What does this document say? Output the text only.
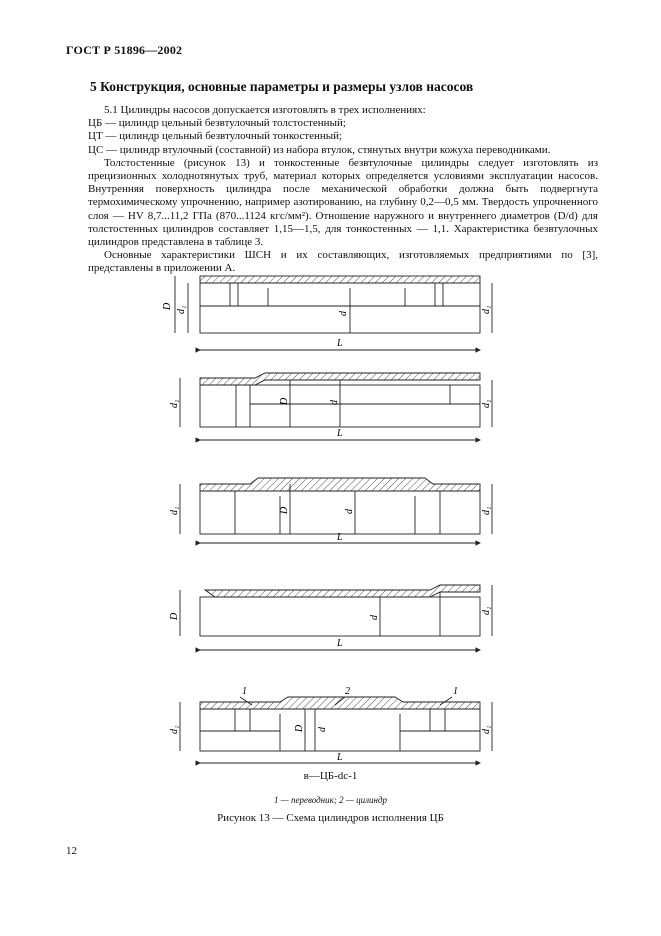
ГОСТ Р 51896—2002
5 Конструкция, основные параметры и размеры узлов насосов

5.1 Цилиндры насосов допускается изготовлять в трех исполнениях:

ЦБ — цилиндр цельный безвтулочный толстостенный;

ЦТ — цилиндр цельный безвтулочный тонкостенный;

ЦС — цилиндр втулочный (составной) из набора втулок, стянутых внутри кожуха переводниками.

Толстостенные (рисунок 13) и тонкостенные безвтулочные цилиндры следует изготовлять из прецизионных холоднотянутых труб, материал которых определяется условиями эксплуатации насосов. Внутренняя поверхность цилиндра после механической обработки должна быть подвергнута термохимическому упрочнению, например азотированию, на глубину 0,2—0,5 мм. Твердость упрочненного слоя — HV 8,7...11,2 ГПа (870...1124 кгс/мм²). Отношение наружного и внутреннего диаметров (D/d) для толстостенных цилиндров составляет 1,15—1,5, для тонкостенных — 1,1. Характеристика безвтулочных цилиндров представлена в таблице 3.

Основные характеристики ШСН и их составляющих, изготовляемых предприятиями по [3], представлены в приложении А.

D d₁	d	d₁
L
d₁	D	d	d₁
L
d₁	D	d	d₁
L
D	d
d₁
L
1	2	1
d₁	D d	d₁
L
в—ЦБ-dс-1
1 — переводник; 2 — цилиндр
Рисунок 13 — Схема цилиндров исполнения ЦБ
12
